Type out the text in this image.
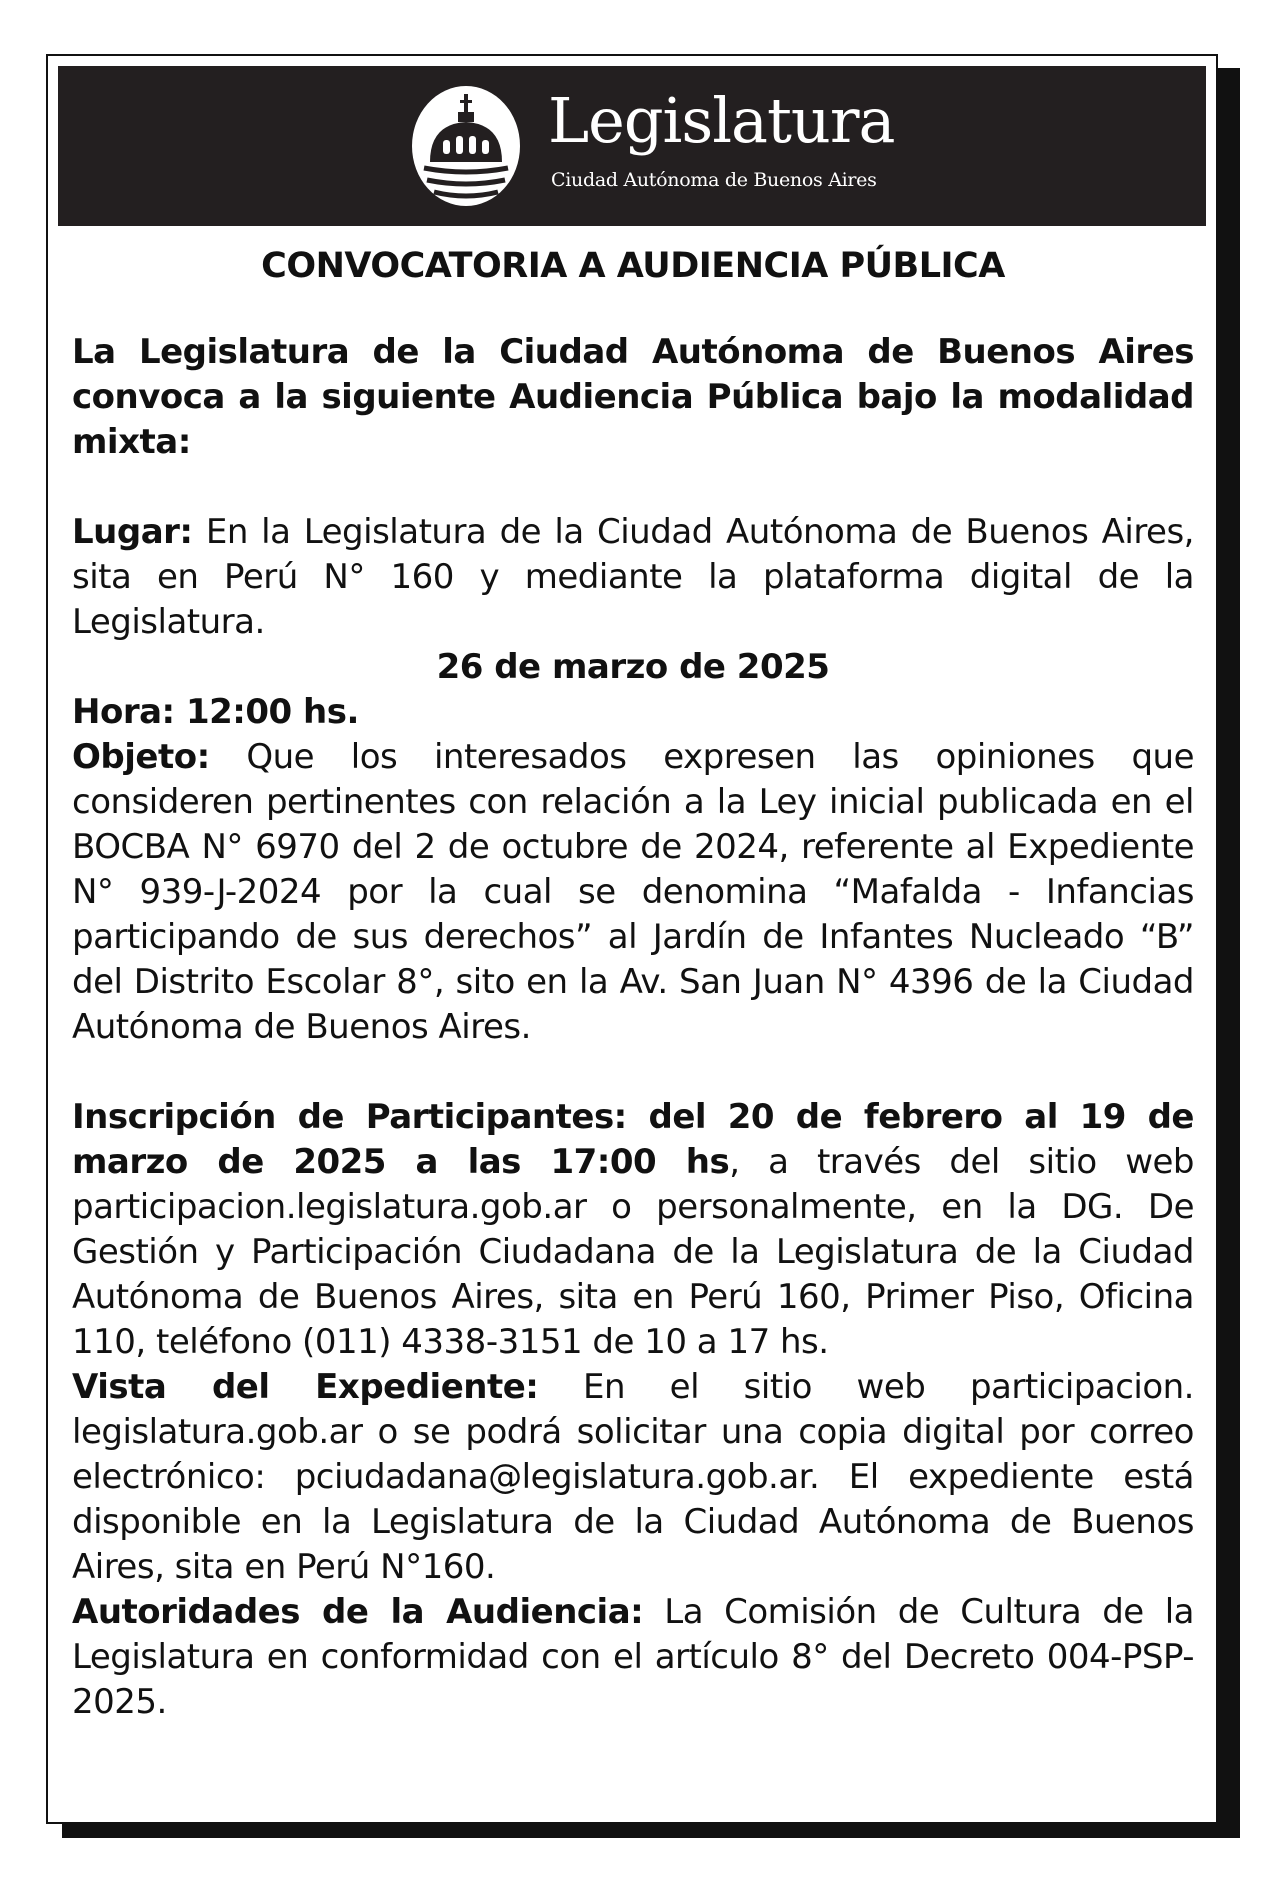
Legislatura
Ciudad Autónoma de Buenos Aires
CONVOCATORIA A AUDIENCIA PÚBLICA

La Legislatura de la Ciudad Autónoma de Buenos Aires convoca a la siguiente Audiencia Pública bajo la modalidad mixta:

Lugar: En la Legislatura de la Ciudad Autónoma de Buenos Aires, sita en Perú N° 160 y mediante la plataforma digital de la Legislatura.

26 de marzo de 2025

Hora: 12:00 hs.

Objeto: Que los interesados expresen las opiniones que consideren pertinentes con relación a la Ley inicial publicada en el BOCBA N° 6970 del 2 de octubre de 2024, referente al Expediente N° 939-J-2024 por la cual se denomina “Mafalda - Infancias participando de sus derechos” al Jardín de Infantes Nucleado “B” del Distrito Escolar 8°, sito en la Av. San Juan N° 4396 de la Ciudad Autónoma de Buenos Aires.

Inscripción de Participantes: del 20 de febrero al 19 de marzo de 2025 a las 17:00 hs, a través del sitio web participacion.legislatura.gob.ar o personalmente, en la DG. De Gestión y Participación Ciudadana de la Legislatura de la Ciudad Autónoma de Buenos Aires, sita en Perú 160, Primer Piso, Oficina 110, teléfono (011) 4338-3151 de 10 a 17 hs.

Vista del Expediente: En el sitio web participacion. legislatura.gob.ar o se podrá solicitar una copia digital por correo electrónico: pciudadana@legislatura.gob.ar. El expediente está disponible en la Legislatura de la Ciudad Autónoma de Buenos Aires, sita en Perú N°160.

Autoridades de la Audiencia: La Comisión de Cultura de la Legislatura en conformidad con el artículo 8° del Decreto 004-PSP-2025.
